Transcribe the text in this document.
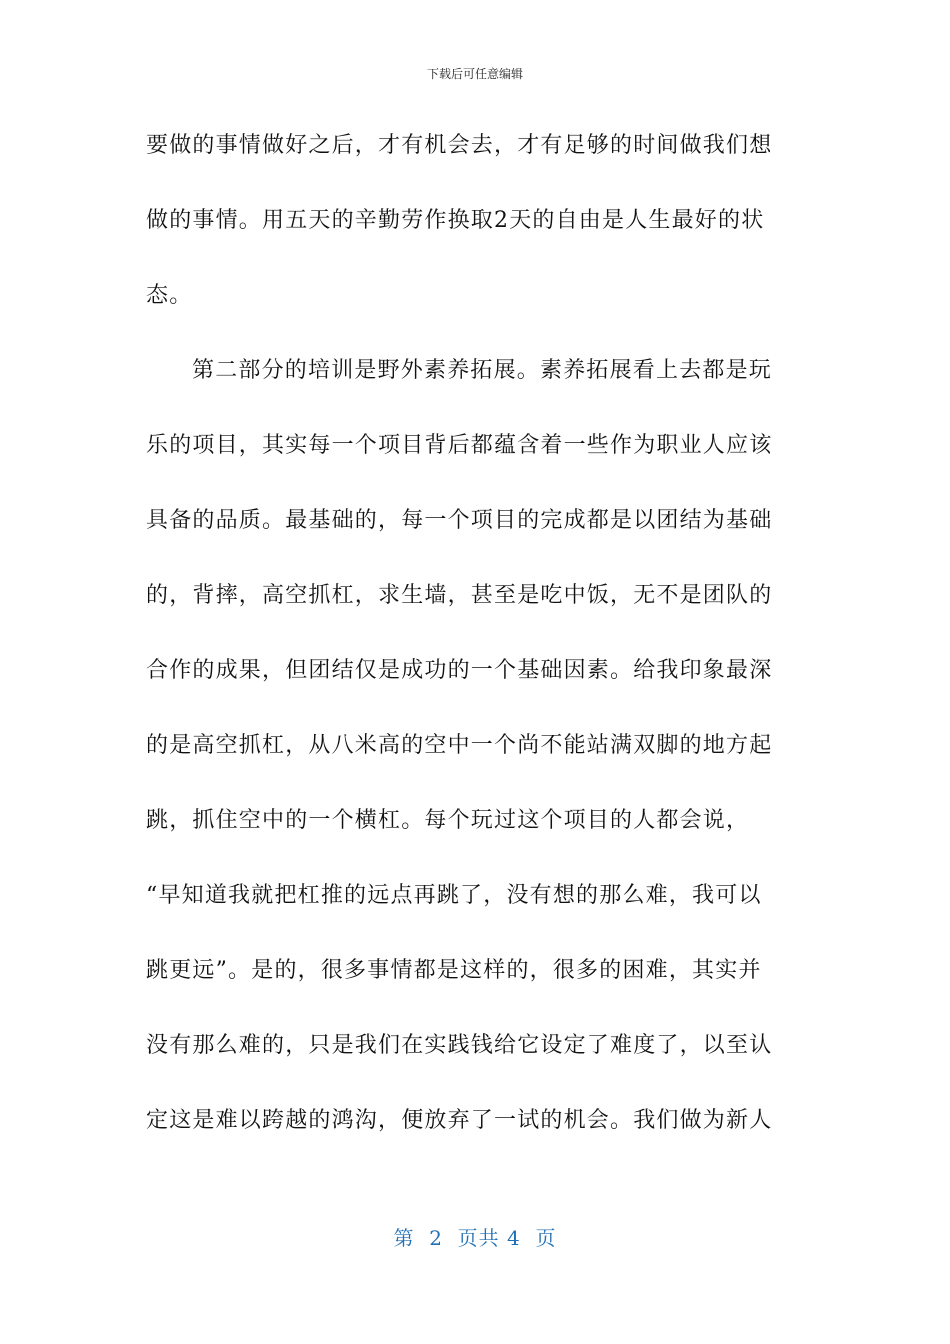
下载后可任意编辑
要做的事情做好之后，才有机会去，才有足够的时间做我们想
做的事情。用五天的辛勤劳作换取2天的自由是人生最好的状
态。
第二部分的培训是野外素养拓展。素养拓展看上去都是玩
乐的项目，其实每一个项目背后都蕴含着一些作为职业人应该
具备的品质。最基础的，每一个项目的完成都是以团结为基础
的，背摔，高空抓杠，求生墙，甚至是吃中饭，无不是团队的
合作的成果，但团结仅是成功的一个基础因素。给我印象最深
的是高空抓杠，从八米高的空中一个尚不能站满双脚的地方起
跳，抓住空中的一个横杠。每个玩过这个项目的人都会说，
“早知道我就把杠推的远点再跳了，没有想的那么难，我可以
跳更远”。是的，很多事情都是这样的，很多的困难，其实并
没有那么难的，只是我们在实践钱给它设定了难度了，以至认
定这是难以跨越的鸿沟，便放弃了一试的机会。我们做为新人
第  2  页共 4  页
